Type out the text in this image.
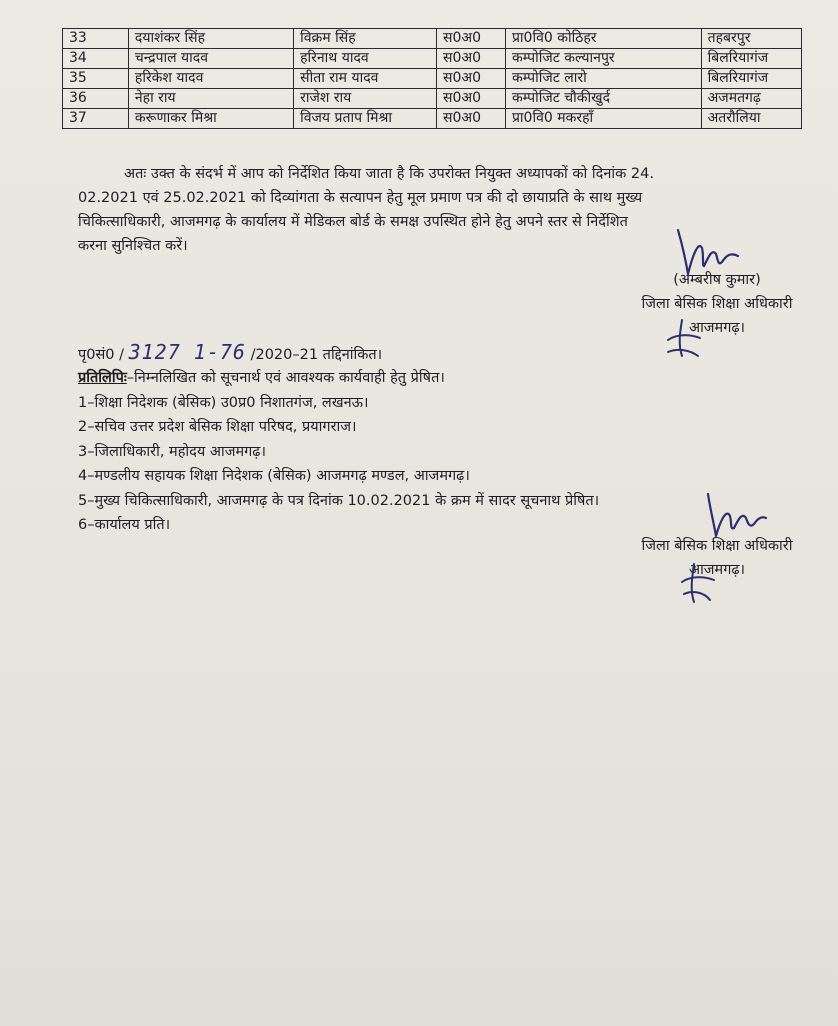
33	दयाशंकर सिंह	विक्रम सिंह	स0अ0	प्रा0वि0 कोठिहर	तहबरपुर
34	चन्द्रपाल यादव	हरिनाथ यादव	स0अ0	कम्पोजिट कल्यानपुर	बिलरियागंज
35	हरिकेश यादव	सीता राम यादव	स0अ0	कम्पोजिट लारो	बिलरियागंज
36	नेहा राय	राजेश राय	स0अ0	कम्पोजिट चौकीखुर्द	अजमतगढ़
37	करूणाकर मिश्रा	विजय प्रताप मिश्रा	स0अ0	प्रा0वि0 मकरहाँ	अतरौलिया
अतः उक्त के संदर्भ में आप को निर्देशित किया जाता है कि उपरोक्त नियुक्त अध्यापकों को दिनांक 24.
02.2021 एवं 25.02.2021 को दिव्यांगता के सत्यापन हेतु मूल प्रमाण पत्र की दो छायाप्रति के साथ मुख्य
चिकित्साधिकारी, आजमगढ़ के कार्यालय में मेडिकल बोर्ड के समक्ष उपस्थित होने हेतु अपने स्तर से निर्देशित
करना सुनिश्चित करें।
(अम्बरीष कुमार)
जिला बेसिक शिक्षा अधिकारी
आजमगढ़।
पृ0सं0 / 3127 1-76 /2020–21 तद्दिनांकित।
प्रतिलिपिः–निम्नलिखित को सूचनार्थ एवं आवश्यक कार्यवाही हेतु प्रेषित।
1–शिक्षा निदेशक (बेसिक) उ0प्र0 निशातगंज, लखनऊ।
2–सचिव उत्तर प्रदेश बेसिक शिक्षा परिषद, प्रयागराज।
3–जिलाधिकारी, महोदय आजमगढ़।
4–मण्डलीय सहायक शिक्षा निदेशक (बेसिक) आजमगढ़ मण्डल, आजमगढ़।
5–मुख्य चिकित्साधिकारी, आजमगढ़ के पत्र दिनांक 10.02.2021 के क्रम में सादर सूचनाथ प्रेषित।
6–कार्यालय प्रति।
जिला बेसिक शिक्षा अधिकारी
आजमगढ़।
